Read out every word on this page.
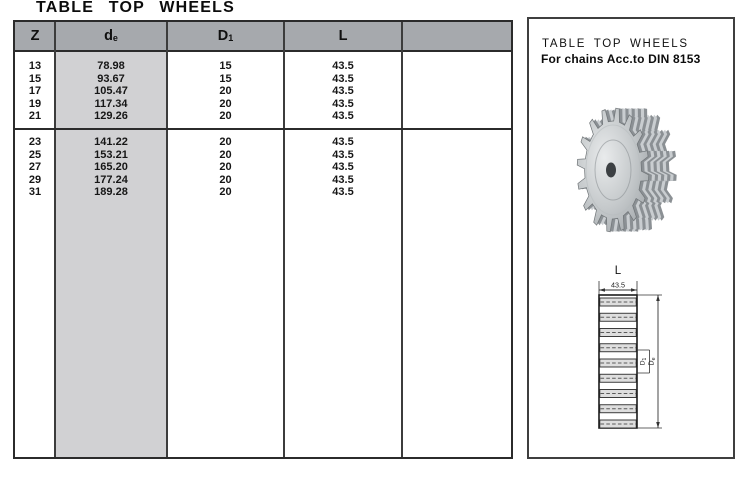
TABLE TOP WHEELS
Z	d e	D 1	L
13	78.98	15	43.5
15	93.67	15	43.5
17	105.47	20	43.5
19	117.34	20	43.5
21	129.26	20	43.5
23	141.22	20	43.5
25	153.21	20	43.5
27	165.20	20	43.5
29	177.24	20	43.5
31	189.28	20	43.5
TABLE TOP WHEELS
For chains Acc.to DIN 8153
L
43.5
$D_e$
$D_1$
